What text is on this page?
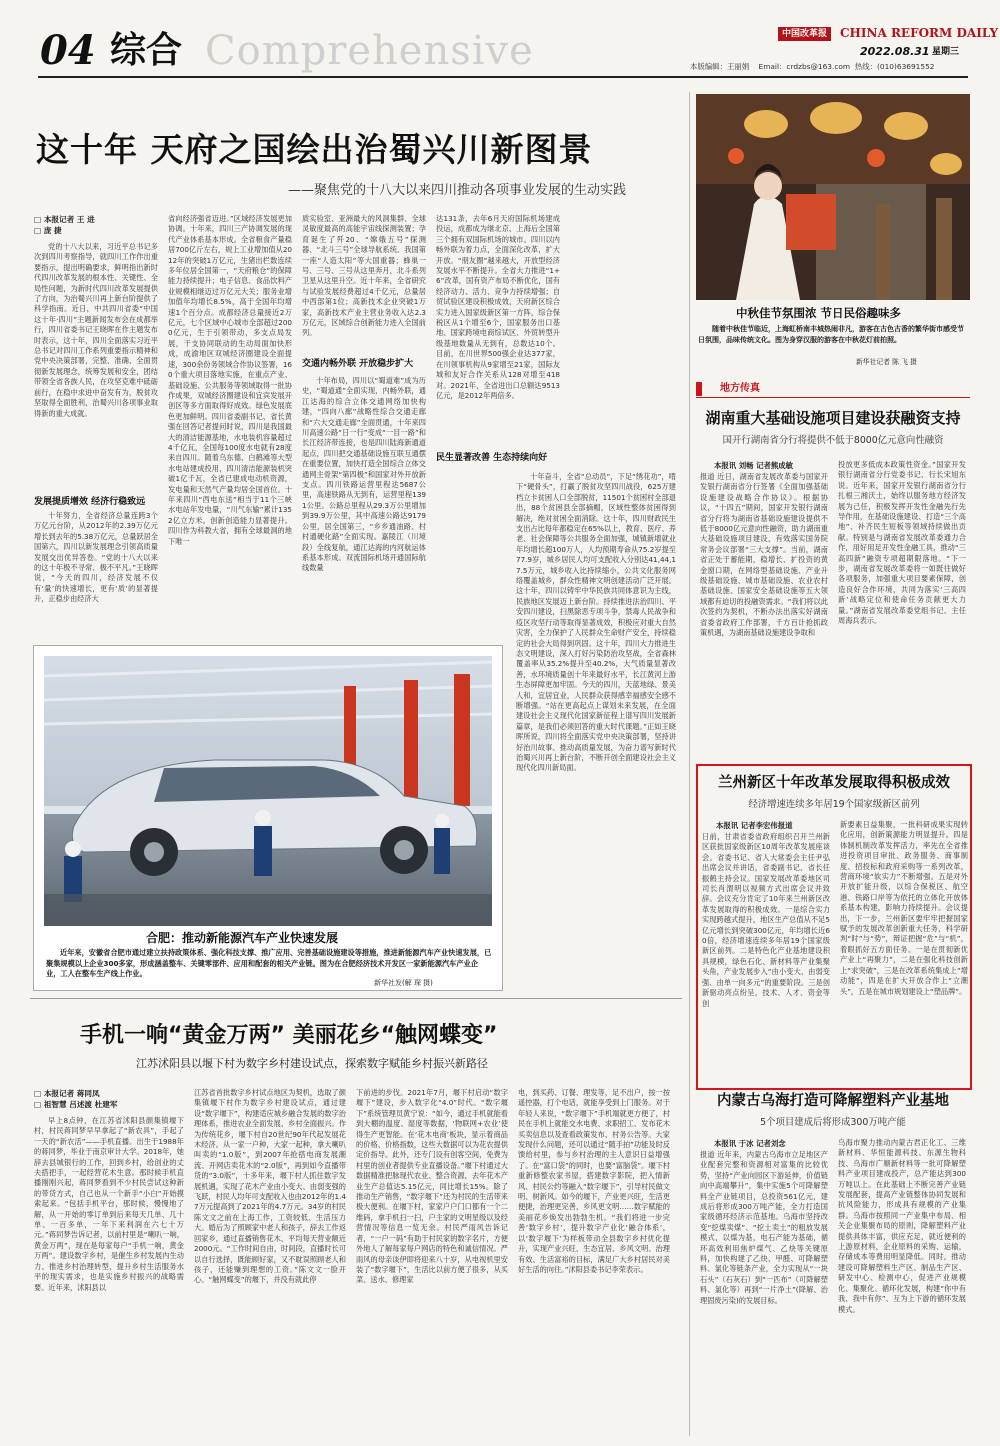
04 综合 Comprehensive	中国改革报	CHINA REFORM DAILY
2022.08.31 星期三
本版编辑：王丽娟    Email：crdzbs@163.com  热线：(010)63691552
这十年 天府之国绘出治蜀兴川新图景
——聚焦党的十八大以来四川推动各项事业发展的生动实践
□ 本报记者 王 进
□ 庞 捷
党的十八大以来，习近平总书记多次到四川考察指导，就四川工作作出重要指示，提出明确要求，鲜明指出新时代四川改革发展的根本性、关键性、全局性问题，为新时代四川改革发展提供了方向，为治蜀兴川再上新台阶提供了科学指南。近日，中共四川省委“中国这十年·四川”主题新闻发布会在成都举行，四川省委书记王晓晖在作主题发布时表示，这十年，四川全面落实习近平总书记对四川工作系列重要指示精神和党中央决策部署，完整、准确、全面贯彻新发展理念，统筹发展和安全，团结带领全省各族人民，在攻坚克难中砥砺前行，在稳中求进中奋发有为，脱贫攻坚取得全面胜利，治蜀兴川各项事业取得新的重大成就。
发展提质增效 经济行稳致远
十年努力，全省经济总量连跨3个万亿元台阶，从2012年的2.39万亿元增长到去年的5.38万亿元，总量跃居全国第六，四川以新发展理念引领高质量发展交出优异答卷。“党的十八大以来的这十年极不寻常、极不平凡。”王晓晖说，“今天的四川，经济发展不仅有‘量’的快速增长，更有‘质’的显著提升，正稳步由经济大
省向经济强省迈进。”区域经济发展更加协调。十年来，四川三产协调发展的现代产业体系基本形成。全省粮食产量稳居700亿斤左右，规上工业增加值从2012年的突破1万亿元，生猪出栏数连续多年位居全国第一，“天府粮仓”的保障能力持续提升；电子信息、食品饮料产业规模相继迈过万亿元大关；服务业增加值年均增长8.5%，高于全国年均增速1个百分点。成都经济总量接近2万亿元，七个区域中心城市全部超过2000亿元，生于引领带动，多支点局发展，干支协同联动的生动局面加快形成，成渝地区双城经济圈建设全面提速，300余份务领域合作协议签署，160个重大项目落地实施，在重点产业、基础设施、公共服务等领域取得一批协作成果，双城经济圈建设和宜宾发展开创区等多方面取得好成效。绿色发展底色更加鲜明。四川省委副书记、省长黄强在回答记者提问时说，四川是我国最大的清洁能源基地，水电装机容量超过4千亿瓦，全国每100度水电就有28度来自四川。随着乌东德、白鹤滩等大型水电站建成投用，四川清洁能源装机突破1亿千瓦，全省已建成电动机资源，发电量和天然气产量均居全国首位。十年来四川“西电东送”相当于11个三峡水电站年发电量，“川气东输”累计1352亿立方米。创新创造能力显著提升。四川作为科教大省，拥有全球最洞的地下唯一
质实验室、亚洲最大的风洞集群、全球灵敏度最高的高能宇宙线探测装置；孕育诞生了歼20、“嫦娥五号”探测器、“北斗三号”全球导航系统、我国第一座“人造太阳”等大国重器；蜂巢一号、三号、三号从这里奔月，北斗系列卫星从这里升空。近十年来，全省研究与试验发展经费超过4千亿元，总量居中西部第1位；高新技术企业突破1万家，高新技术产业主营业务收入达2.3万亿元，区域综合创新能力进入全国前列。
交通内畅外联 开放稳步扩大
十年布局，四川以“蜀道难”成为历史，“蜀道通”全面实现，内畅外联，通江达海的综合立体交通网络加快构建，“四向八廊”战略性综合交通走廊和“六大交通走廊”全面贯通，十年来四川高速公路“日一行”变成“一目一路”和长江经济带连接，也是四川陆海新通道起点，四川把交通基础设施互联互通摆在重要位置，加快打造全国综合立体交通网主骨架“第四极”和国家对外开放新支点。四川铁路运营里程达5687公里，高速铁路从无到有，运营里程1391公里。公路总里程从29.3万公里增加到39.9万公里，其中高速公路达9179公里，居全国第三，“乡乡通油路、村村通硬化路”全面实现。嘉陵江（川境段）全线复航，通江达海的内河航运体系基本形成。双流国际机场开通国际航线数量
达131条，去年6月天府国际机场建成投运，成都成为继北京、上海后全国第三个拥有双国际机场的城市。四川以内畅外联为着力点，全面深化改革，扩大开放。“朋友圈”越来越大，开放型经济发展水平不断提升。全省大力推进“1+6”改革，国有资产布局不断优化，国有经济动力、活力、竞争力持续增强；自贸试验区建设积极成效，天府新区综合实力进入国家级新区第一方阵，综合保税区从1个增至6个，国家服务出口基地、国家跨境电商综试区、外贸转型升级基地数量从无到有，总数达10个。目前，在川世界500强企业达377家，在川领事机构从9家增至21家，国际友城和友好合作关系从128对增至418对。2021年，全省进出口总额达9513亿元，是2012年两倍多。
民生显著改善 生态持续向好
十年奋斗，全省“总动员”，下足“绣花功”，啃下“硬骨头”，打赢了脱贫攻坚四川战役，625万建档立卡贫困人口全部脱贫，11501个贫困村全部退出，88个贫困县全部摘帽，区域性整体贫困得到解决，绝对贫困全面消除。这十年，四川财政民生支出占比每年都稳定在65%以上，教育、医疗、养老、社会保障等公共服务全面加强，城镇新增就业年均增长超100万人，人均预期寿命从75.2岁提至77.9岁，城乡居民人均可支配收入分别达41,44,17.5万元，城乡收入比持续缩小，公共文化服务网络覆盖城乡，群众性精神文明创建活动广泛开展。这十年，四川以铸牢中华民族共同体意识为主线，民族地区发展迈上新台阶。持续推进法治四川、平安四川建设，扫黑除恶专项斗争，禁毒人民战争和疫区攻坚行动等取得显著成效，积极应对重大自然灾害，全力保护了人民群众生命财产安全，持续稳定的社会大局得到巩固。这十年，四川大力推进生态文明建设，深入打好污染防治攻坚战，全省森林覆盖率从35.2%提升至40.2%，大气质量显著改善，水环境质量创十年来最好水平，长江黄河上游生态屏障更加牢固。今天的四川，天蓝地绿、景美人和，宜居宜业，人民群众获得感幸福感安全感不断增强。“站在更高起点上谋划未来发展，在全面建设社会主义现代化国家新征程上谱写四川发展新篇章，是我们必须回答的重大时代课题。”正如王晓晖所说，四川将全面落实党中央决策部署，坚持讲好治川故事、推动高质量发展，为奋力谱写新时代治蜀兴川再上新台阶，不断开创全面建设社会主义现代化四川新局面。
合肥：推动新能源汽车产业快速发展
近年来，安徽省合肥市通过建立扶持政策体系、强化科技支撑、推广应用、完善基础设施建设等措施，推进新能源汽车产业快速发展，已聚集规模以上企业300多家，形成涵盖整车、关键零部件、应用和配套的相关产业链。图为在合肥经济技术开发区一家新能源汽车产业企业，工人在整车生产线上作业。
新华社发(解 琛 摄)
手机一响“黄金万两” 美丽花乡“触网蝶变”
江苏沭阳县以堰下村为数字乡村建设试点，探索数字赋能乡村振兴新路径
□ 本报记者 蒋同凤
□ 祖智慧 吕述渡 杜建军
早上8点钟，在江苏省沭阳县颜集镇堰下村，村民蒋同梦早早拿起了“新农具”，手起了一天的“新农活”——手机直播。出生于1988年的蒋同梦，毕业于南京审计大学。2018年，她辞去县城银行的工作，回到乡村，给创业的丈夫搭把手，一起经营花木生意。那时候手机直播刚刚兴起，蒋同梦看到不少村民尝试这种新的带货方式，自己也从一个新手“小白”开始摸索起来。“包括手机平台，那时候，慢慢地了解，从一开始的零订单到后来每天几单、几十单、一百多单，一年下来利润在六七十万元。”蒋同梦告诉记者，以前村里是“喇叭一响，黄金万两”，现在是每家每户“手机一响，黄金万两”。建设数字乡村，是催生乡村发展内生动力、推进乡村治理转型、提升乡村生活服务水平的现实需求，也是实施乡村振兴的战略需要。近年来，沭阳县以
江苏省首批数字乡村试点地区为契机，选取了颜集镇堰下村作为数字乡村建设试点，通过建设“数字堰下”，构建适应城乡融合发展的数字治理体系，推进农业全面发展、乡村全面振兴。作为传统花乡，堰下村自20世纪90年代起发展花木经济。从一家一户种，大家一起种，拿大喇叭叫卖的“1.0版”，到2007年抢搭电商发展潮流、开网店卖花木的“2.0版”，再到如今直播带货的“3.0版”，十多年来，堰下村人抓住数字发展机遇，实现了花木产业由小变大、由弱变强的飞跃，村民人均年可支配收入也由2012年的1.47万元提高到了2021年的4.7万元。34岁的村民陈文文之前在上海工作，工资较低、生活压力大。婚后为了照顾家中老人和孩子，辞去工作返回家乡，通过直播销售花木，平均每天营业额近2000元。“工作时间自由，时间段，直播时长可以自行选择，既能顾好家，又不耽误照顾老人和孩子，还能赚到理想的工资。”陈文文一脸开心。“触网蝶变”的堰下，并没有就此停
下前进的步伐。2021年7月，堰下村启动“数字堰下”建设，步入数字化“4.0”时代。“数字堰下”系统管理员黄宁说：“如今，通过手机就能看到大棚的温度、湿度等数据，‘物联网+农业’使得生产更智能。在‘花木电商’板块，显示着商品的价格、价格指数，这些大数据可以为花农提供定价指导。此外，还专门设有创客空间，免费为村里的创业者提供专业直播设备。”堰下村通过大数据精准把脉现代农业、整合资源，去年花木产业生产总值达5.15亿元，同比增长15%。除了推动生产销售，“数字堰下”还为村民的生活带来极大便利。在堰下村，家家户户门口都有一个二维码，拿手机扫一扫，户主家的文明星级以及经营情况等信息一览无余。村民严雨风告诉记者，“一户一码”有助于村民家的数字名片，方便外地人了解每家每户网店的特色和诚信情况。严雨风的母亲谈伊即将迎来八十岁，从电视机里安装了“数字堰下”，生活比以前方便了很多，从买菜、送水、修理家
电，到买药、订餐、理发等，足不出户，按一按遥控器，打个电话，就能享受到上门服务。对于年轻人来说，“数字堰下”手机端就更方便了，村民在手机上就能交水电费、求职招工、发布花木买卖信息以及查看政策发布、村务公告等。大家发现什么问题，还可以通过“随手拍”功能及时反馈给村里，参与乡村治理的主人意识日益增强了。在“富口袋”的同时，也要“富脑袋”。堰下村重新修整农家书屋，搭建数字影院，把入情新风、村民公约等融入“数字堰下”，引导村民做文明、树新风。如今的堰下，产业更兴旺，生活更便捷，治理更完善，乡风更文明……数字赋能的美丽花乡焕发出勃勃生机。“我们将进一步完善‘数字乡村’，提升数字产业化‘融合体系’，以‘数字堰下’为样板带动全县数字乡村优化提升，实现产业兴旺、生态宜居、乡风文明、治理有效、生活富裕的目标，满足广大乡村居民对美好生活的向往。”沭阳县委书记李荣表示。
中秋佳节氛围浓 节日民俗趣味多
随着中秋佳节临近，上海虹桥南丰城热闹非凡，游客在古色古香的繁华街市感受节日氛围，品味传统文化。图为身穿汉服的游客在中秋花灯前拍照。
新华社记者 陈 飞 摄
地方传真
湖南重大基础设施项目建设获融资支持
国开行湖南省分行将提供不低于8000亿元意向性融资
本报讯 刘畅 记者熊成敏
报道 近日，湖南省发展改革委与国家开发银行湖南省分行签署《全面加强基础设施建设战略合作协议》。根据协议，“十四五”期间，国家开发银行湖南省分行将为湖南省基础设施建设提供不低于8000亿元意向性融资，助力湖南重大基础设施项目建设，有效落实国务院常务会议部署“三大支撑”。当前，湖南省正处于蓄能期，稳增长、扩投资的黄金窗口期，在网络型基础设施、产业升级基础设施、城市基础设施、农业农村基础设施、国家安全基础设施等五大领域都有迫切的投融资需求。“我们将以此次签约为契机，不断办法出落实好湖南省委省政府工作部署，千方百计抢抓政策机遇，为湖南基础设施建设争取和
投放更多低成本政策性资金。”国家开发银行湖南省分行党委书记、行长宋旭东说。近年来，国家开发银行湖南省分行扎根三湘沃土，始终以服务地方经济发展为己任，积极发挥开发性金融先行先导作用，在基础设施建设、打造“三个高地”、补齐民生短板等领域持续做出贡献。特别是与湖南省发展改革委通力合作，用好用足开发性金融工具，推动“三高四新”融资专项超期限落地。“下一步，湖南省发展改革委将一如既往做好各项服务，加强重大项目要素保障，创造良好合作环境，共同为落实‘三高四新’战略定位和使命任务贡献更大力量。”湖南省发展改革委党组书记、主任周海兵表示。
兰州新区十年改革发展取得积极成效
经济增速连续多年居19个国家级新区前列
本报讯 记者李宏伟报道
日前，甘肃省委省政府组织召开兰州新区获批国家级新区10周年改革发展座谈会。省委书记、省人大常委会主任尹弘出席会议并讲话，省委副书记、省长任振鹤主持会议。国家发展改革委地区司司长肖渭明以视频方式出席会议并致辞。会议充分肯定了10年来兰州新区改革发展取得的积极成效。一是综合实力实现跨越式提升，地区生产总值从不足5亿元增长到突破300亿元，年均增长近60倍，经济增速连续多年居19个国家级新区前列。二是特色化产业基地建设积具规模，绿色石化、新材料等产业集聚头角，产业发展步入“由小变大、由弱变强、由单一向多元”的重要阶段。三是创新驱动亮点纷呈，技术、人才、资金等创
新要素日益集聚，一批科研成果实现转化应用，创新策源能力明显提升。四是体制机制改革发挥活力，率先在全省推进投资项目审批、政务服务、商事制度、招投标和政府采购等一系列改革，营商环境“软实力”不断增强。五是对外开放扩能升级，以综合保税区、航空港、铁路口岸等为依托的立体化开放体系基本构建，影响力持续提升。会议提出，下一步，兰州新区要牢牢把握国家赋予的发展改革创新重大任务，科学研判“时”与“势”，辩证把握“危”与“机”，着眼抓好五方面任务。一是在贯彻新优产业上“再聚力”，二是在强化科技创新上“求突破”，三是在改革系统集成上“增动能”，四是在扩大开放合作上“立潮头”，五是在城市规划建设上“塑品牌”。
内蒙古乌海打造可降解塑料产业基地
5个项目建成后将形成300万吨产能
本报讯 于冰 记者刘念
报道 近年来，内蒙古乌海市立足地区产业配套完整和资源相对富集的比较优势，坚持“产业向园区下游延伸，价值链向中高端攀升”，集中实施5个可降解塑料全产业链项目，总投资561亿元，建成后将形成300万吨产能，全力打造国家级循环经济示范基地。乌海市坚持改变“挖煤卖煤”、“挖土卖土”的粗放发展模式，以煤为基，电石产能为基础，循环高效利用焦炉煤气、乙炔等关键原料，加快构建了乙炔、甲醛、可降解塑料、氯化等链条产业，全力实现从“一块石头”（石灰石）到“一匹布”（可降解塑料、氯化等）再到“一片净土”(降解、治理固废污染)的发展目标。
乌海市聚力推动内蒙古君正化工、三维新材料、华恒能源科技、东源生物科技、乌海市广顺新材料等一批可降解塑料产业项目建成投产，总产能达到300万吨以上。在此基础上不断完善产业链发展配套，提高产业链整体协同发展和抗风险能力，形成具有规模的产业集群。乌海市按照同一产业集中布局、相关企业集聚布局的原则，降解塑料产业提供具体丰富，供应充足，就近便利的上游原材料，企业原料的采购、运输，存储成本等费用明显降低。同时，推动建设可降解塑料生产区、制品生产区、研发中心、检测中心，促进产业规模化、集聚化、循环化发展，构建“你中有我、我中有你”、互为上下游的循环发展模式。
